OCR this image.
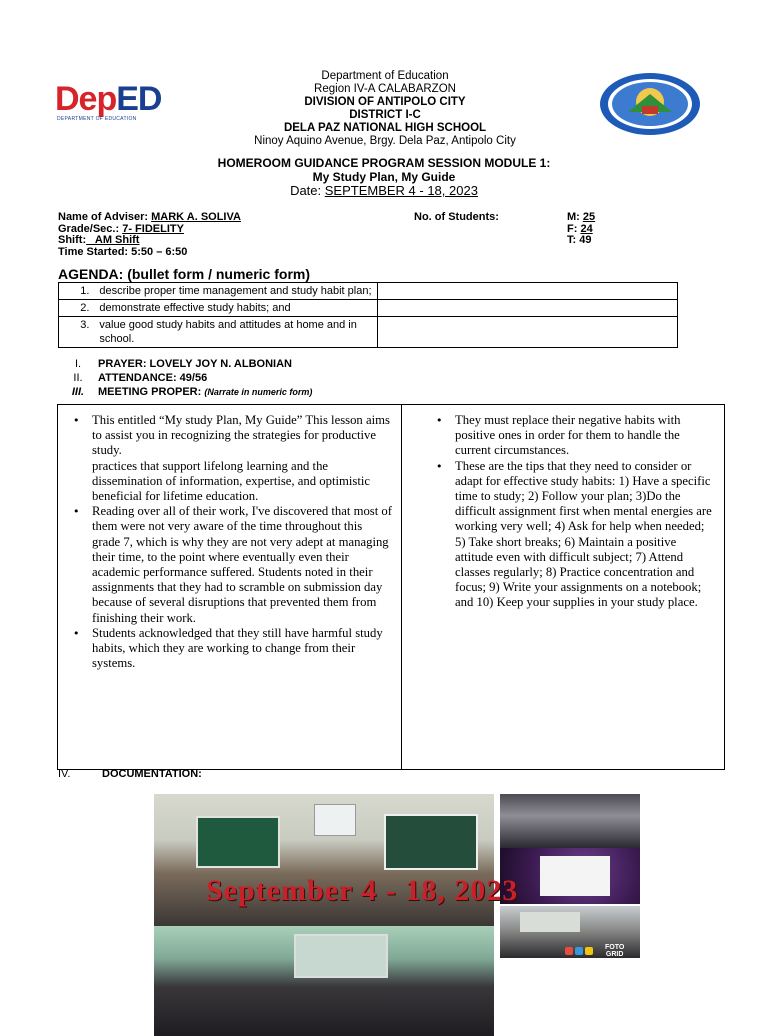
DepED
DEPARTMENT OF EDUCATION
Department of Education
Region IV-A CALABARZON
DIVISION OF ANTIPOLO CITY
DISTRICT I-C
DELA PAZ NATIONAL HIGH SCHOOL
Ninoy Aquino Avenue, Brgy. Dela Paz, Antipolo City
HOMEROOM GUIDANCE PROGRAM SESSION MODULE 1:
My Study Plan, My Guide
Date: SEPTEMBER 4 - 18, 2023
Name of Adviser: MARK A. SOLIVA
Grade/Sec.: 7- FIDELITY
Shift:   AM Shift
Time Started: 5:50 – 6:50
No. of Students:	M: 25
F: 24
T: 49
AGENDA: (bullet form / numeric form)
1.	describe proper time management and study habit plan;	
2.	demonstrate effective study habits; and	
3.	value good study habits and attitudes at home and in school.	
I. PRAYER: LOVELY JOY N. ALBONIAN
II. ATTENDANCE: 49/56
III. MEETING PROPER: (Narrate in numeric form)

• This entitled “My study Plan, My Guide” This lesson aims to assist you in recognizing the strategies for productive study.

practices that support lifelong learning and the dissemination of information, expertise, and optimistic beneficial for lifetime education.

• Reading over all of their work, I've discovered that most of them were not very aware of the time throughout this grade 7, which is why they are not very adept at managing their time, to the point where eventually even their academic performance suffered. Students noted in their assignments that they had to scramble on submission day because of several disruptions that prevented them from finishing their work.
• Students acknowledged that they still have harmful study habits, which they are working to change from their systems.
• They must replace their negative habits with positive ones in order for them to handle the current circumstances.
• These are the tips that they need to consider or adapt for effective study habits: 1) Have a specific time to study; 2) Follow your plan; 3)Do the difficult assignment first when mental energies are working very well; 4) Ask for help when needed; 5) Take short breaks; 6) Maintain a positive attitude even with difficult subject; 7) Attend classes regularly; 8) Practice concentration and focus; 9) Write your assignments on a notebook; and 10) Keep your supplies in your study place.
IV.	DOCUMENTATION:
September 4 - 18, 2023
FOTO
GRID
